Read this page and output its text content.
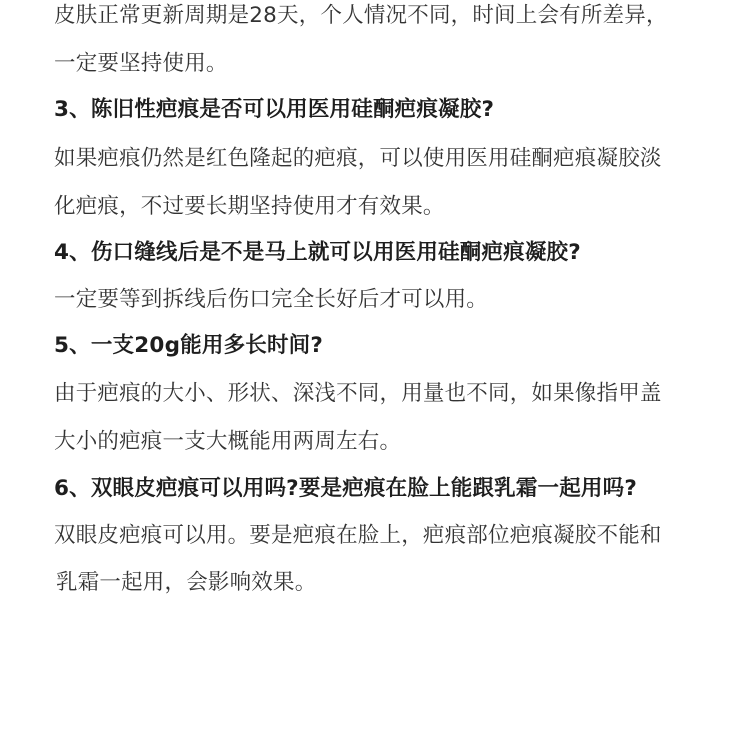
皮肤正常更新周期是28天，个人情况不同，时间上会有所差异，
一定要坚持使用。
3、陈旧性疤痕是否可以用医用硅酮疤痕凝胶?
如果疤痕仍然是红色隆起的疤痕，可以使用医用硅酮疤痕凝胶淡
化疤痕，不过要长期坚持使用才有效果。
4、伤口缝线后是不是马上就可以用医用硅酮疤痕凝胶?
一定要等到拆线后伤口完全长好后才可以用。
5、一支20g能用多长时间?
由于疤痕的大小、形状、深浅不同，用量也不同，如果像指甲盖
大小的疤痕一支大概能用两周左右。
6、双眼皮疤痕可以用吗?要是疤痕在脸上能跟乳霜一起用吗?
双眼皮疤痕可以用。要是疤痕在脸上，疤痕部位疤痕凝胶不能和
乳霜一起用，会影响效果。
